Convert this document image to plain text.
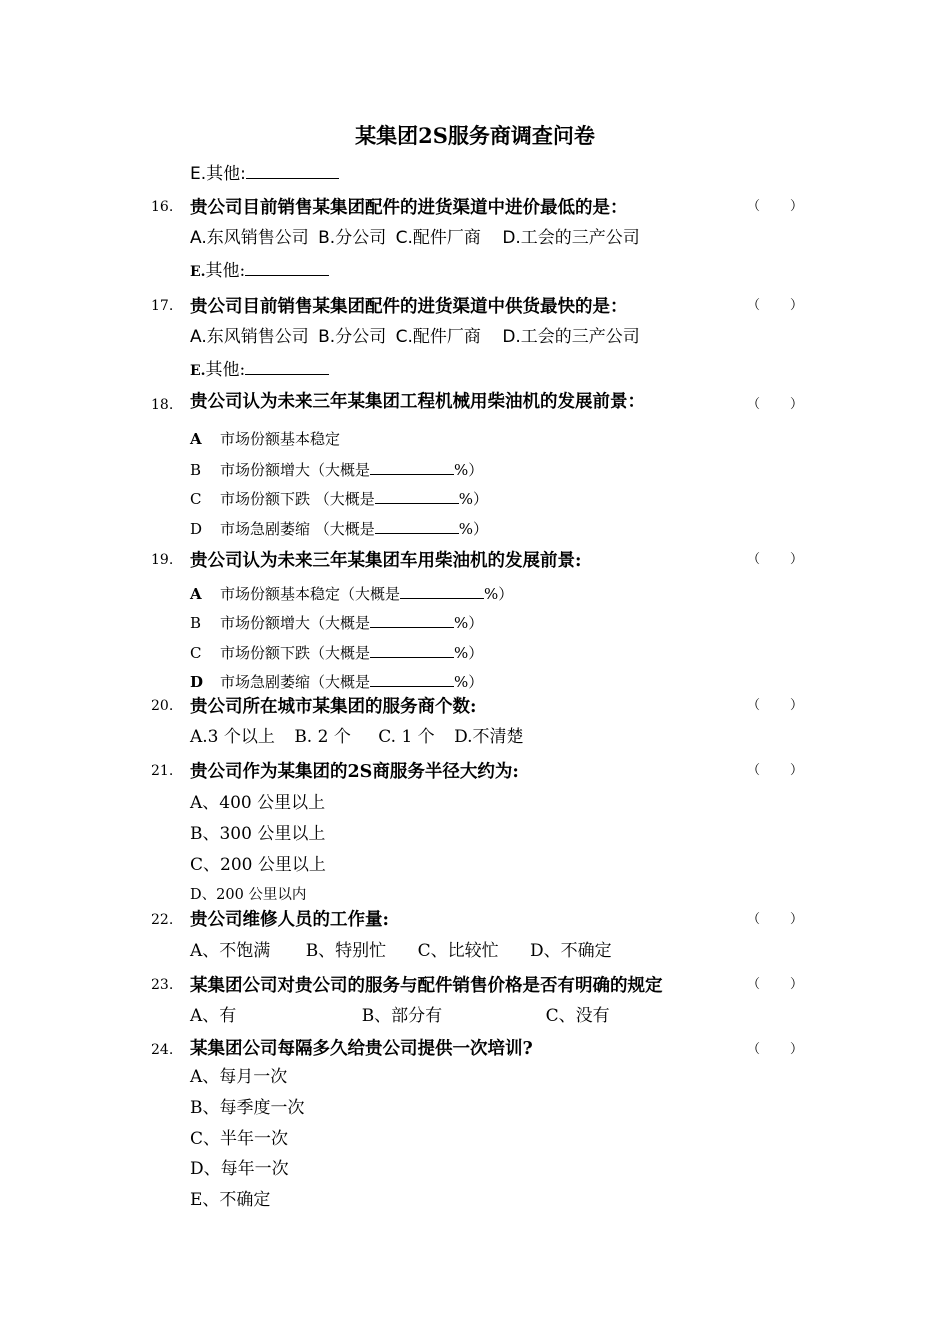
某集团2S服务商调查问卷
E.其他:
16. 贵公司目前销售某集团配件的进货渠道中进价最低的是：	（ ）
A.东风销售公司 B.分公司 C.配件厂商 D.工会的三产公司
E.其他:
17. 贵公司目前销售某集团配件的进货渠道中供货最快的是：	（ ）
A.东风销售公司 B.分公司 C.配件厂商 D.工会的三产公司
E.其他:
18. 贵公司认为未来三年某集团工程机械用柴油机的发展前景：	（ ）
A 市场份额基本稳定
B 市场份额增大（大概是	%）
C 市场份额下跌 （大概是	%）
D 市场急剧萎缩 （大概是	%）
19. 贵公司认为未来三年某集团车用柴油机的发展前景:	（ ）
A 市场份额基本稳定（大概是	%）
B 市场份额增大（大概是	%）
C 市场份额下跌（大概是	%）
D 市场急剧萎缩（大概是	%）
20. 贵公司所在城市某集团的服务商个数:	（ ）
A.3 个以上 B. 2 个 C. 1 个 D.不清楚
21. 贵公司作为某集团的2S商服务半径大约为:	（ ）
A、400 公里以上
B、300 公里以上
C、200 公里以上
D、200 公里以内
22. 贵公司维修人员的工作量:	（ ）
A、不饱满 B、特别忙 C、比较忙 D、不确定
23. 某集团公司对贵公司的服务与配件销售价格是否有明确的规定	（ ）
A、有	B、部分有	C、没有
24. 某集团公司每隔多久给贵公司提供一次培训?	（ ）
A、每月一次
B、每季度一次
C、半年一次
D、每年一次
E、不确定
